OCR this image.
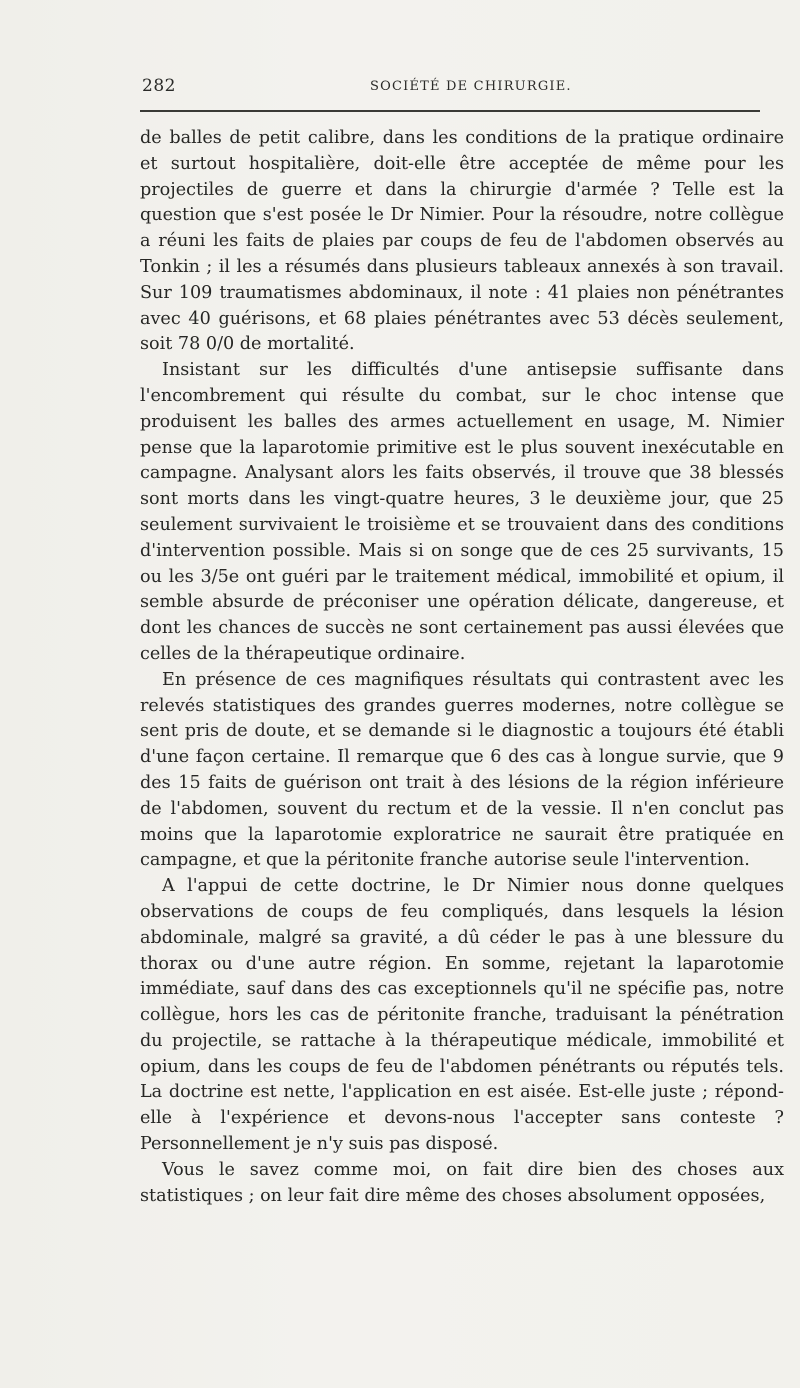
282	SOCIÉTÉ DE CHIRURGIE.

de balles de petit calibre, dans les conditions de la pratique ordinaire et surtout hospitalière, doit-elle être acceptée de même pour les projectiles de guerre et dans la chirurgie d'armée ? Telle est la question que s'est posée le Dr Nimier. Pour la résoudre, notre collègue a réuni les faits de plaies par coups de feu de l'abdomen observés au Tonkin ; il les a résumés dans plusieurs tableaux annexés à son travail. Sur 109 traumatismes abdominaux, il note : 41 plaies non pénétrantes avec 40 guérisons, et 68 plaies pénétrantes avec 53 décès seulement, soit 78 0/0 de mortalité.

Insistant sur les difficultés d'une antisepsie suffisante dans l'encombrement qui résulte du combat, sur le choc intense que produisent les balles des armes actuellement en usage, M. Nimier pense que la laparotomie primitive est le plus souvent inexécutable en campagne. Analysant alors les faits observés, il trouve que 38 blessés sont morts dans les vingt-quatre heures, 3 le deuxième jour, que 25 seulement survivaient le troisième et se trouvaient dans des conditions d'intervention possible. Mais si on songe que de ces 25 survivants, 15 ou les 3/5e ont guéri par le traitement médical, immobilité et opium, il semble absurde de préconiser une opération délicate, dangereuse, et dont les chances de succès ne sont certainement pas aussi élevées que celles de la thérapeutique ordinaire.

En présence de ces magnifiques résultats qui contrastent avec les relevés statistiques des grandes guerres modernes, notre collègue se sent pris de doute, et se demande si le diagnostic a toujours été établi d'une façon certaine. Il remarque que 6 des cas à longue survie, que 9 des 15 faits de guérison ont trait à des lésions de la région inférieure de l'abdomen, souvent du rectum et de la vessie. Il n'en conclut pas moins que la laparotomie exploratrice ne saurait être pratiquée en campagne, et que la péritonite franche autorise seule l'intervention.

A l'appui de cette doctrine, le Dr Nimier nous donne quelques observations de coups de feu compliqués, dans lesquels la lésion abdominale, malgré sa gravité, a dû céder le pas à une blessure du thorax ou d'une autre région. En somme, rejetant la laparotomie immédiate, sauf dans des cas exceptionnels qu'il ne spécifie pas, notre collègue, hors les cas de péritonite franche, traduisant la pénétration du projectile, se rattache à la thérapeutique médicale, immobilité et opium, dans les coups de feu de l'abdomen pénétrants ou réputés tels. La doctrine est nette, l'application en est aisée. Est-elle juste ; répond-elle à l'expérience et devons-nous l'accepter sans conteste ? Personnellement je n'y suis pas disposé.

Vous le savez comme moi, on fait dire bien des choses aux statistiques ; on leur fait dire même des choses absolument opposées,
